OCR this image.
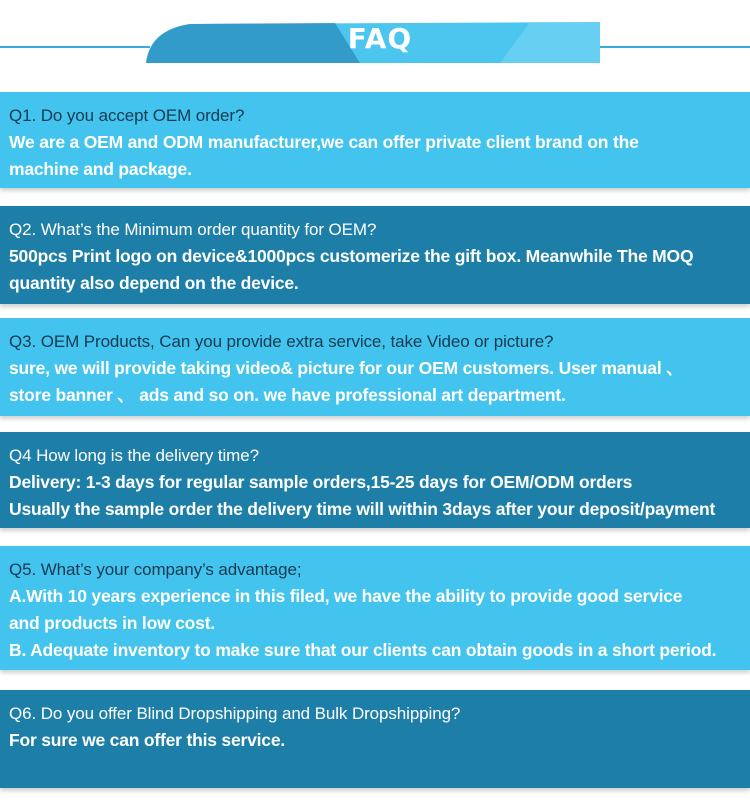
FAQ
Q1. Do you accept OEM order?
We are a OEM and ODM manufacturer,we can offer private client brand on the
machine and package.
Q2. What’s the Minimum order quantity for OEM?
500pcs Print logo on device&1000pcs customerize the gift box. Meanwhile The MOQ
quantity also depend on the device.
Q3. OEM Products, Can you provide extra service, take Video or picture?
sure, we will provide taking video& picture for our OEM customers. User manual 、
store banner 、 ads and so on. we have professional art department.
Q4 How long is the delivery time?
Delivery: 1-3 days for regular sample orders,15-25 days for OEM/ODM orders
Usually the sample order the delivery time will within 3days after your deposit/payment
Q5. What’s your company’s advantage;
A.With 10 years experience in this filed, we have the ability to provide good service
and products in low cost.
B. Adequate inventory to make sure that our clients can obtain goods in a short period.
Q6. Do you offer Blind Dropshipping and Bulk Dropshipping?
For sure we can offer this service.
